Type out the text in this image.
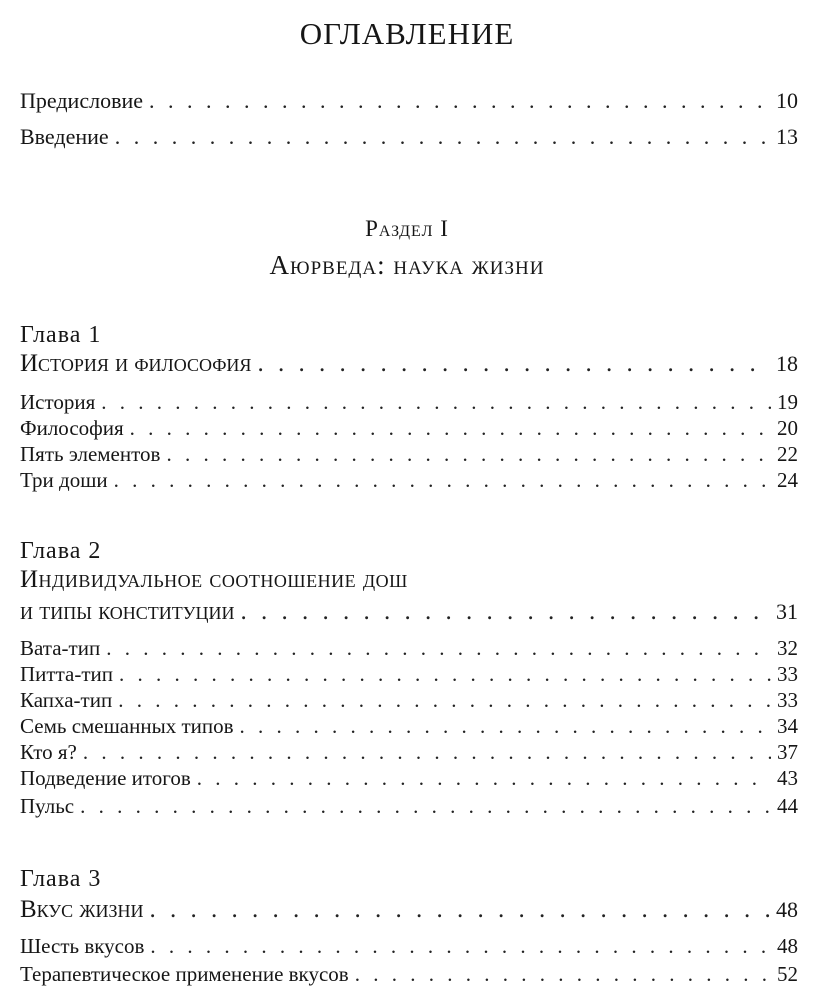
ОГЛАВЛЕНИЕ
Предисловие . . .	10
Введение . . .	13
Раздел I
Аюрведа: наука жизни
Глава 1
История и философия . . .	18
История . . .	19
Философия . . .	20
Пять элементов . . .	22
Три доши . . .	24
Глава 2
Индивидуальное соотношение дош
и типы конституции . . .	31
Вата-тип . . .	32
Питта-тип . . .	33
Капха-тип . . .	33
Семь смешанных типов . . .	34
Кто я? . . .	37
Подведение итогов . . .	43
Пульс . . .	44
Глава 3
Вкус жизни . . .	48
Шесть вкусов . . .	48
Терапевтическое применение вкусов . . .	52
